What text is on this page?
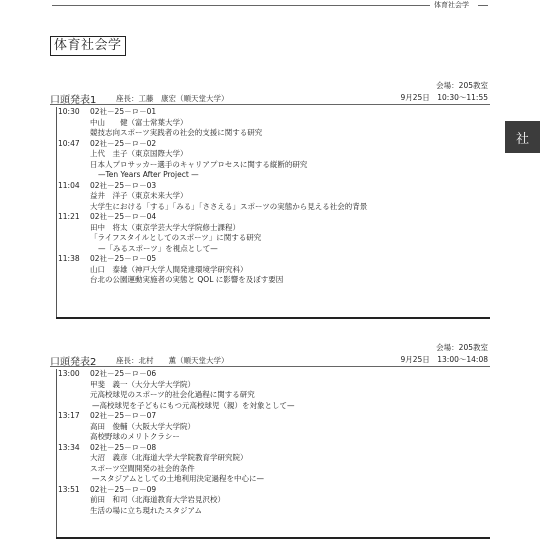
体育社会学
体育社会学
社
会場：205教室
9月25日　10:30〜11:55
口頭発表1	座長：工藤　康宏（順天堂大学）
10:30	02社－25－ロ－01
中山　　健（富士常葉大学）
競技志向スポーツ実践者の社会的支援に関する研究
10:47	02社－25－ロ－02
上代　圭子（東京国際大学）
日本人プロサッカー選手のキャリアプロセスに関する縦断的研究
—Ten Years After Project —
11:04	02社－25－ロ－03
益井　洋子（東京未来大学）
大学生における「する」「みる」「ささえる」スポーツの実態から見える社会的背景
11:21	02社－25－ロ－04
田中　将太（東京学芸大学大学院修士課程）
「ライフスタイルとしてのスポーツ」に関する研究
—「みるスポーツ」を視点として—
11:38	02社－25－ロ－05
山口　泰雄（神戸大学人間発達環境学研究科）
台北の公園運動実施者の実態と QOL に影響を及ぼす要因
会場：205教室
9月25日　13:00〜14:08
口頭発表2	座長：北村　　薫（順天堂大学）
13:00	02社－25－ロ－06
甲斐　義一（大分大学大学院）
元高校球児のスポーツ的社会化過程に関する研究
—高校球児を子どもにもつ元高校球児（親）を対象として—
13:17	02社－25－ロ－07
高田　俊輔（大阪大学大学院）
高校野球のメリトクラシー
13:34	02社－25－ロ－08
大沼　義彦（北海道大学大学院教育学研究院）
スポーツ空間開発の社会的条件
—スタジアムとしての土地利用決定過程を中心に—
13:51	02社－25－ロ－09
前田　和司（北海道教育大学岩見沢校）
生活の場に立ち現れたスタジアム
